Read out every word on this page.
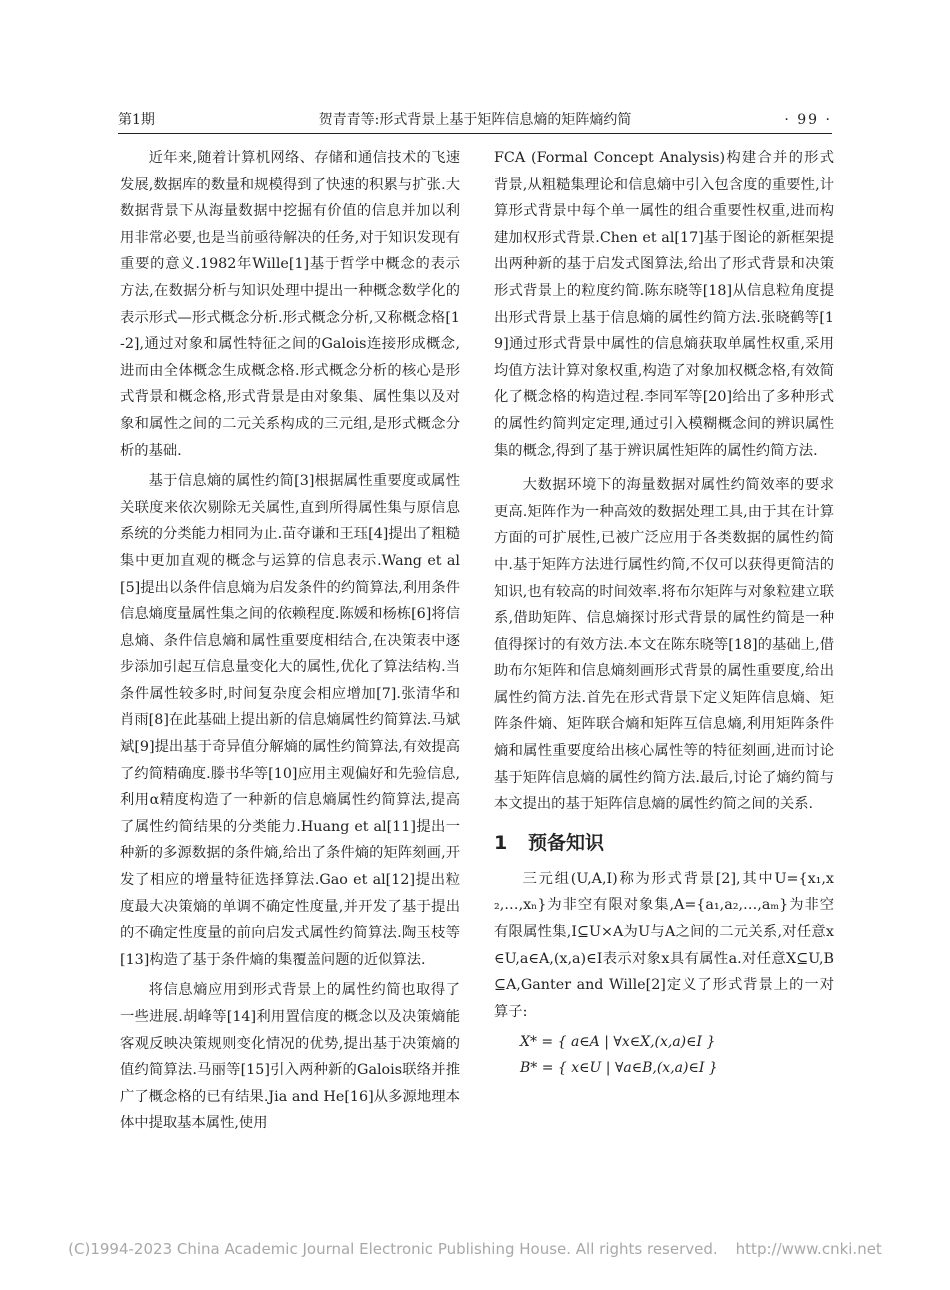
第1期	贺青青等:形式背景上基于矩阵信息熵的矩阵熵约简	· 99 ·

近年来,随着计算机网络、存储和通信技术的飞速发展,数据库的数量和规模得到了快速的积累与扩张.大数据背景下从海量数据中挖掘有价值的信息并加以利用非常必要,也是当前亟待解决的任务,对于知识发现有重要的意义.1982年Wille[1]基于哲学中概念的表示方法,在数据分析与知识处理中提出一种概念数学化的表示形式—形式概念分析.形式概念分析,又称概念格[1-2],通过对象和属性特征之间的Galois连接形成概念,进而由全体概念生成概念格.形式概念分析的核心是形式背景和概念格,形式背景是由对象集、属性集以及对象和属性之间的二元关系构成的三元组,是形式概念分析的基础.

基于信息熵的属性约简[3]根据属性重要度或属性关联度来依次剔除无关属性,直到所得属性集与原信息系统的分类能力相同为止.苗夺谦和王珏[4]提出了粗糙集中更加直观的概念与运算的信息表示.Wang et al[5]提出以条件信息熵为启发条件的约简算法,利用条件信息熵度量属性集之间的依赖程度.陈媛和杨栋[6]将信息熵、条件信息熵和属性重要度相结合,在决策表中逐步添加引起互信息量变化大的属性,优化了算法结构.当条件属性较多时,时间复杂度会相应增加[7].张清华和肖雨[8]在此基础上提出新的信息熵属性约简算法.马斌斌[9]提出基于奇异值分解熵的属性约简算法,有效提高了约简精确度.滕书华等[10]应用主观偏好和先验信息,利用α精度构造了一种新的信息熵属性约简算法,提高了属性约简结果的分类能力.Huang et al[11]提出一种新的多源数据的条件熵,给出了条件熵的矩阵刻画,开发了相应的增量特征选择算法.Gao et al[12]提出粒度最大决策熵的单调不确定性度量,并开发了基于提出的不确定性度量的前向启发式属性约简算法.陶玉枝等[13]构造了基于条件熵的集覆盖问题的近似算法.

将信息熵应用到形式背景上的属性约简也取得了一些进展.胡峰等[14]利用置信度的概念以及决策熵能客观反映决策规则变化情况的优势,提出基于决策熵的值约简算法.马丽等[15]引入两种新的Galois联络并推广了概念格的已有结果.Jia and He[16]从多源地理本体中提取基本属性,使用

FCA (Formal Concept Analysis)构建合并的形式背景,从粗糙集理论和信息熵中引入包含度的重要性,计算形式背景中每个单一属性的组合重要性权重,进而构建加权形式背景.Chen et al[17]基于图论的新框架提出两种新的基于启发式图算法,给出了形式背景和决策形式背景上的粒度约简.陈东晓等[18]从信息粒角度提出形式背景上基于信息熵的属性约简方法.张晓鹤等[19]通过形式背景中属性的信息熵获取单属性权重,采用均值方法计算对象权重,构造了对象加权概念格,有效简化了概念格的构造过程.李同军等[20]给出了多种形式的属性约简判定定理,通过引入模糊概念间的辨识属性集的概念,得到了基于辨识属性矩阵的属性约简方法.

大数据环境下的海量数据对属性约简效率的要求更高.矩阵作为一种高效的数据处理工具,由于其在计算方面的可扩展性,已被广泛应用于各类数据的属性约简中.基于矩阵方法进行属性约简,不仅可以获得更简洁的知识,也有较高的时间效率.将布尔矩阵与对象粒建立联系,借助矩阵、信息熵探讨形式背景的属性约简是一种值得探讨的有效方法.本文在陈东晓等[18]的基础上,借助布尔矩阵和信息熵刻画形式背景的属性重要度,给出属性约简方法.首先在形式背景下定义矩阵信息熵、矩阵条件熵、矩阵联合熵和矩阵互信息熵,利用矩阵条件熵和属性重要度给出核心属性等的特征刻画,进而讨论基于矩阵信息熵的属性约简方法.最后,讨论了熵约简与本文提出的基于矩阵信息熵的属性约简之间的关系.

1 预备知识

三元组(U,A,I)称为形式背景[2],其中U={x₁,x₂,…,xₙ}为非空有限对象集,A={a₁,a₂,…,aₘ}为非空有限属性集,I⊆U×A为U与A之间的二元关系,对任意x∈U,a∈A,(x,a)∈I表示对象x具有属性a.对任意X⊆U,B⊆A,Ganter and Wille[2]定义了形式背景上的一对算子:

X* = { a∈A | ∀x∈X,(x,a)∈I }
B* = { x∈U | ∀a∈B,(x,a)∈I }
(C)1994-2023 China Academic Journal Electronic Publishing House. All rights reserved. http://www.cnki.net
